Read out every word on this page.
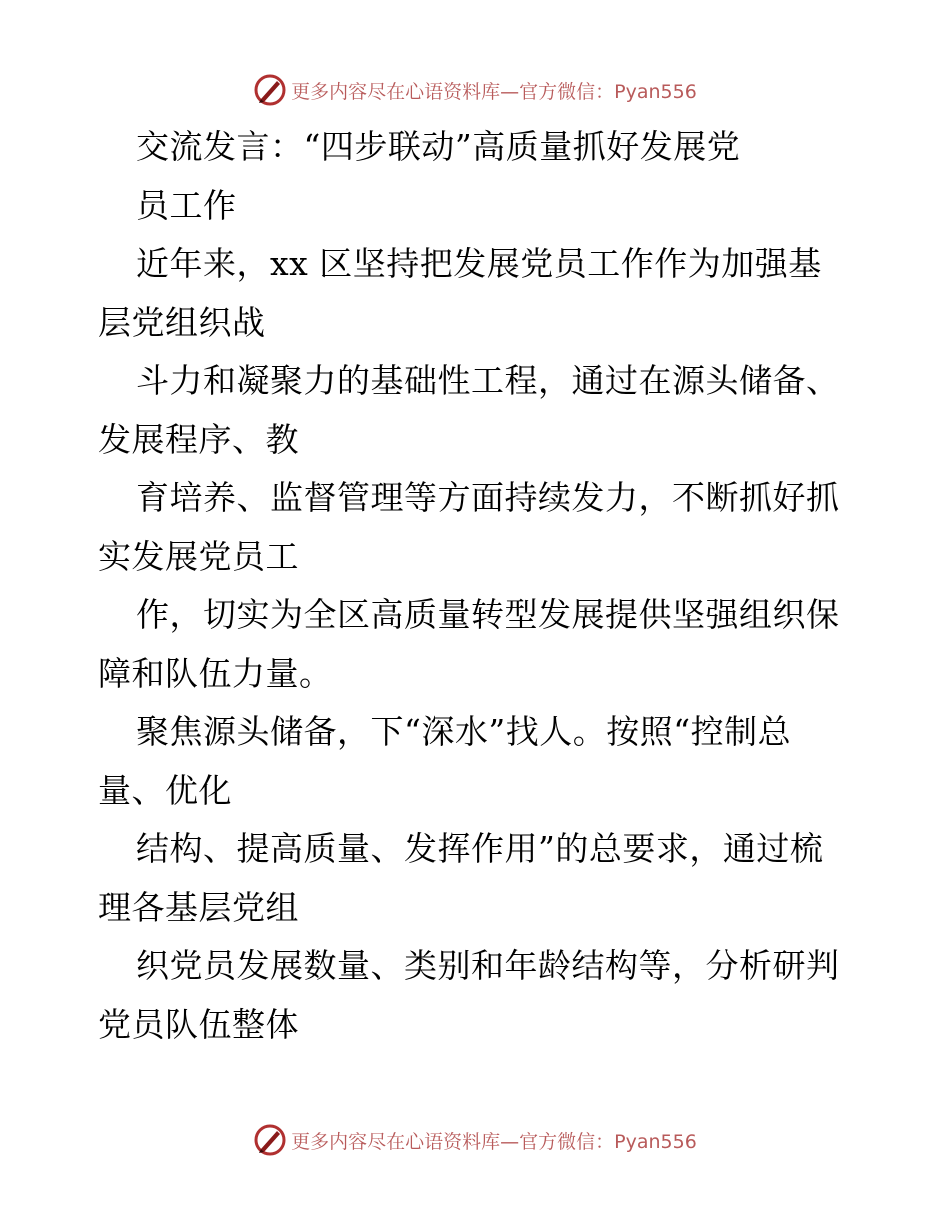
更多内容尽在心语资料库—官方微信：Pyan556
交流发言：“四步联动”高质量抓好发展党
员工作
近年来，xx 区坚持把发展党员工作作为加强基
层党组织战
斗力和凝聚力的基础性工程，通过在源头储备、
发展程序、教
育培养、监督管理等方面持续发力，不断抓好抓
实发展党员工
作，切实为全区高质量转型发展提供坚强组织保
障和队伍力量。
聚焦源头储备，下“深水”找人。按照“控制总
量、优化
结构、提高质量、发挥作用”的总要求，通过梳
理各基层党组
织党员发展数量、类别和年龄结构等，分析研判
党员队伍整体
更多内容尽在心语资料库—官方微信：Pyan556
